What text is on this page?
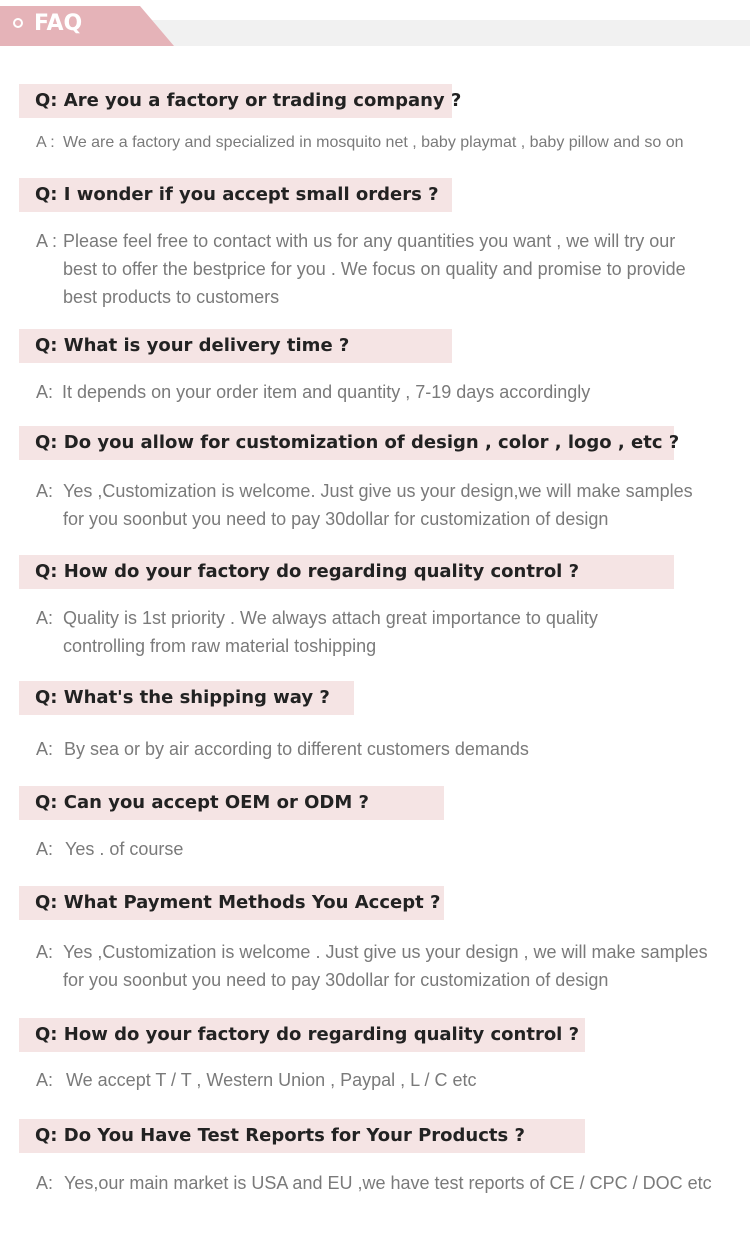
FAQ
Q: Are you a factory or trading company ?
A : We are a factory and specialized in mosquito net , baby playmat , baby pillow and so on
Q: I wonder if you accept small orders ?
A : Please feel free to contact with us for any quantities you want , we will try our
best to offer the bestprice for you . We focus on quality and promise to provide
best products to customers
Q: What is your delivery time ?
A: It depends on your order item and quantity , 7-19 days accordingly
Q: Do you allow for customization of design , color , logo , etc ?
A: Yes ,Customization is welcome. Just give us your design,we will make samples
for you soonbut you need to pay 30dollar for customization of design
Q: How do your factory do regarding quality control ?
A: Quality is 1st priority . We always attach great importance to quality
controlling from raw material toshipping
Q: What's the shipping way ?
A: By sea or by air according to different customers demands
Q: Can you accept OEM or ODM ?
A: Yes . of course
Q: What Payment Methods You Accept ?
A: Yes ,Customization is welcome . Just give us your design , we will make samples
for you soonbut you need to pay 30dollar for customization of design
Q: How do your factory do regarding quality control ?
A: We accept T / T , Western Union , Paypal , L / C etc
Q: Do You Have Test Reports for Your Products ?
A: Yes,our main market is USA and EU ,we have test reports of CE / CPC / DOC etc
